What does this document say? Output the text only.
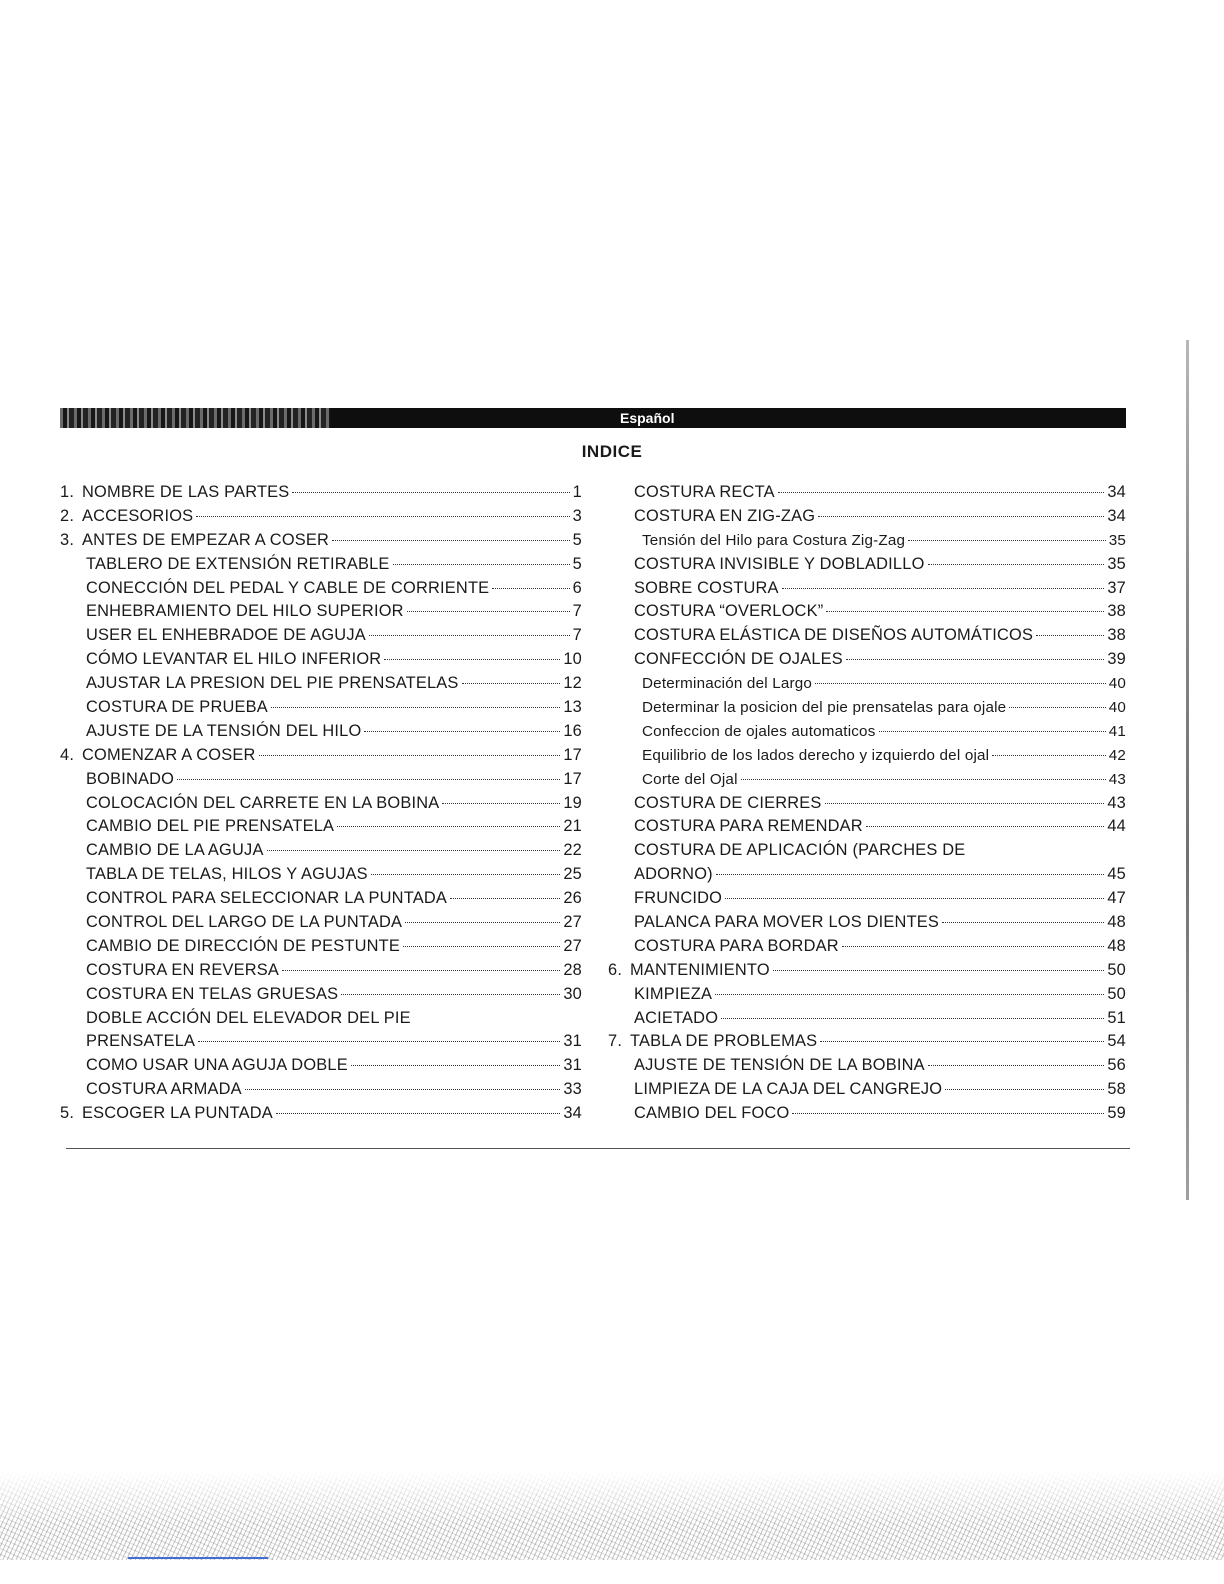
Español
INDICE
1. NOMBRE DE LAS PARTES	1
2. ACCESORIOS	3
3. ANTES DE EMPEZAR A COSER	5
TABLERO DE EXTENSIÓN RETIRABLE	5
CONECCIÓN DEL PEDAL Y CABLE DE CORRIENTE	6
ENHEBRAMIENTO DEL HILO SUPERIOR	7
USER EL ENHEBRADOE DE AGUJA	7
CÓMO LEVANTAR EL HILO INFERIOR	10
AJUSTAR LA PRESION DEL PIE PRENSATELAS	12
COSTURA DE PRUEBA	13
AJUSTE DE LA TENSIÓN DEL HILO	16
4. COMENZAR A COSER	17
BOBINADO	17
COLOCACIÓN DEL CARRETE EN LA BOBINA	19
CAMBIO DEL PIE PRENSATELA	21
CAMBIO DE LA AGUJA	22
TABLA DE TELAS, HILOS Y AGUJAS	25
CONTROL PARA SELECCIONAR LA PUNTADA	26
CONTROL DEL LARGO DE LA PUNTADA	27
CAMBIO DE DIRECCIÓN DE PESTUNTE	27
COSTURA EN REVERSA	28
COSTURA EN TELAS GRUESAS	30
DOBLE ACCIÓN DEL ELEVADOR DEL PIE
PRENSATELA	31
COMO USAR UNA AGUJA DOBLE	31
COSTURA ARMADA	33
5. ESCOGER LA PUNTADA	34
COSTURA RECTA	34
COSTURA EN ZIG-ZAG	34
Tensión del Hilo para Costura Zig-Zag	35
COSTURA INVISIBLE Y DOBLADILLO	35
SOBRE COSTURA	37
COSTURA “OVERLOCK”	38
COSTURA ELÁSTICA DE DISEÑOS AUTOMÁTICOS	38
CONFECCIÓN DE OJALES	39
Determinación del Largo	40
Determinar la posicion del pie prensatelas para ojale	40
Confeccion de ojales automaticos	41
Equilibrio de los lados derecho y izquierdo del ojal	42
Corte del Ojal	43
COSTURA DE CIERRES	43
COSTURA PARA REMENDAR	44
COSTURA DE APLICACIÓN (PARCHES DE
ADORNO)	45
FRUNCIDO	47
PALANCA PARA MOVER LOS DIENTES	48
COSTURA PARA BORDAR	48
6. MANTENIMIENTO	50
KIMPIEZA	50
ACIETADO	51
7. TABLA DE PROBLEMAS	54
AJUSTE DE TENSIÓN DE LA BOBINA	56
LIMPIEZA DE LA CAJA DEL CANGREJO	58
CAMBIO DEL FOCO	59
